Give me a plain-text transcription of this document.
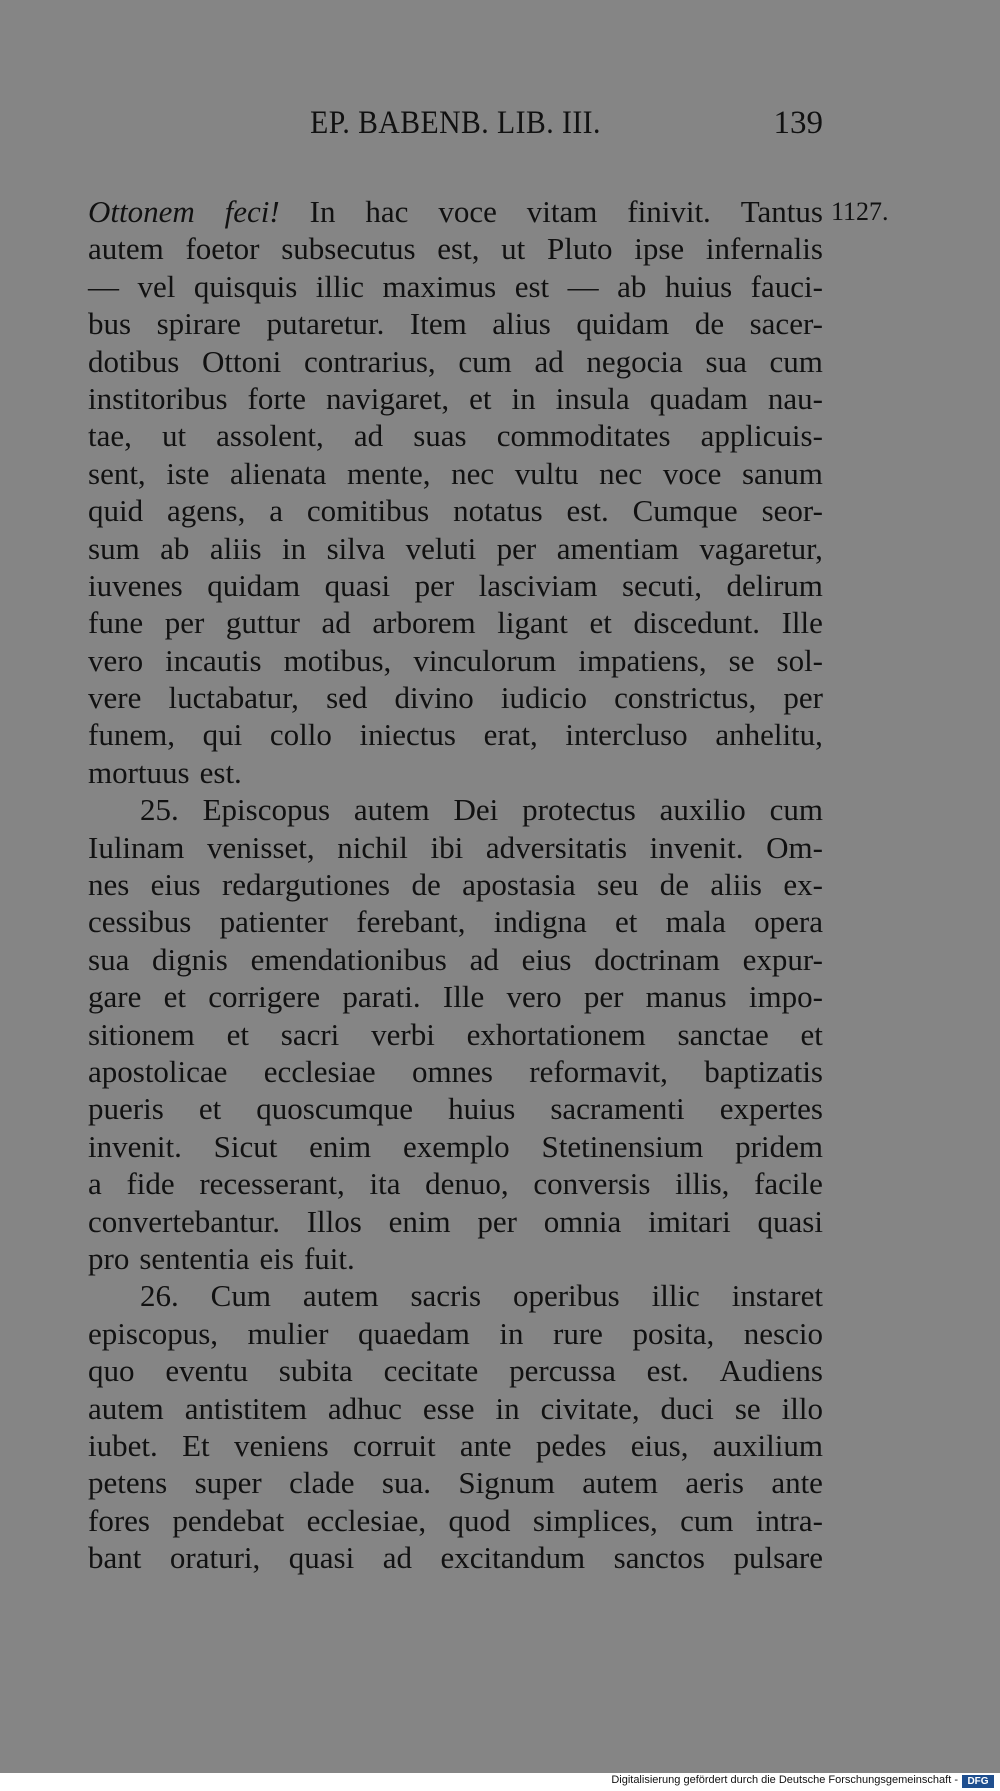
EP. BABENB. LIB. III.	139
1127.
Ottonem feci! In hac voce vitam finivit. Tantus
autem foetor subsecutus est, ut Pluto ipse infernalis
— vel quisquis illic maximus est — ab huius fauci-
bus spirare putaretur. Item alius quidam de sacer-
dotibus Ottoni contrarius, cum ad negocia sua cum
institoribus forte navigaret, et in insula quadam nau-
tae, ut assolent, ad suas commoditates applicuis-
sent, iste alienata mente, nec vultu nec voce sanum
quid agens, a comitibus notatus est. Cumque seor-
sum ab aliis in silva veluti per amentiam vagaretur,
iuvenes quidam quasi per lasciviam secuti, delirum
fune per guttur ad arborem ligant et discedunt. Ille
vero incautis motibus, vinculorum impatiens, se sol-
vere luctabatur, sed divino iudicio constrictus, per
funem, qui collo iniectus erat, intercluso anhelitu,
mortuus est.
25. Episcopus autem Dei protectus auxilio cum
Iulinam venisset, nichil ibi adversitatis invenit. Om-
nes eius redargutiones de apostasia seu de aliis ex-
cessibus patienter ferebant, indigna et mala opera
sua dignis emendationibus ad eius doctrinam expur-
gare et corrigere parati. Ille vero per manus impo-
sitionem et sacri verbi exhortationem sanctae et
apostolicae ecclesiae omnes reformavit, baptizatis
pueris et quoscumque huius sacramenti expertes
invenit. Sicut enim exemplo Stetinensium pridem
a fide recesserant, ita denuo, conversis illis, facile
convertebantur. Illos enim per omnia imitari quasi
pro sententia eis fuit.
26. Cum autem sacris operibus illic instaret
episcopus, mulier quaedam in rure posita, nescio
quo eventu subita cecitate percussa est. Audiens
autem antistitem adhuc esse in civitate, duci se illo
iubet. Et veniens corruit ante pedes eius, auxilium
petens super clade sua. Signum autem aeris ante
fores pendebat ecclesiae, quod simplices, cum intra-
bant oraturi, quasi ad excitandum sanctos pulsare
Digitalisierung gefördert durch die Deutsche Forschungsgemeinschaft - DFG
